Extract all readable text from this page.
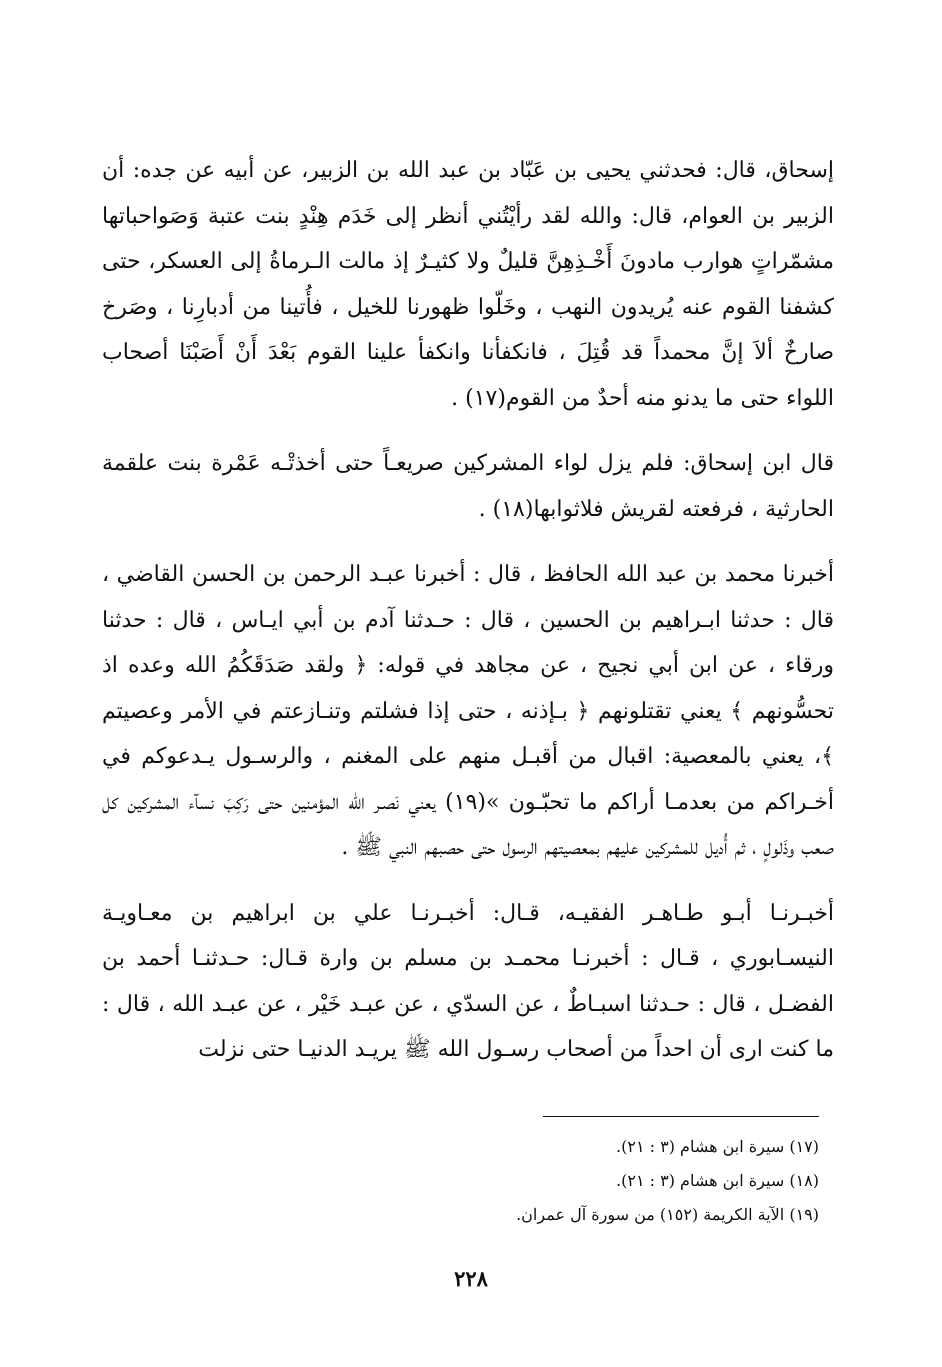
إسحاق، قال: فحدثني يحيى بن عَبّاد بن عبد الله بن الزبير، عن أبيه عن جده: أن الزبير بن العوام، قال: والله لقد رأيْتُني أنظر إلى خَدَم هِنْدٍ بنت عتبة وَصَواحباتها مشمّراتٍ هوارب مادونَ أَخْـذِهِنَّ قليلٌ ولا كثيـرٌ إذ مالت الـرماةُ إلى العسكر، حتى كشفنا القوم عنه يُريدون النهب ، وخَلّوا ظهورنا للخيل ، فأُتينا من أدبارِنا ، وصَرخ صارخٌ ألاَ إنَّ محمداً قد قُتِلَ ، فانكفأنا وانكفأ علينا القوم بَعْدَ أَنْ أَصَبْنَا أصحاب اللواء حتى ما يدنو منه أحدٌ من القوم(١٧) .

قال ابن إسحاق: فلم يزل لواء المشركين صريعـاً حتى أخذتْـه عَمْرة بنت علقمة الحارثية ، فرفعته لقريش فلاثوابها(١٨) .

أخبرنا محمد بن عبد الله الحافظ ، قال : أخبرنا عبـد الرحمن بن الحسن القاضي ، قال : حدثنا ابـراهيم بن الحسين ، قال : حـدثنا آدم بن أبي ايـاس ، قال : حدثنا ورقاء ، عن ابن أبي نجيح ، عن مجاهد في قوله: ﴿ ولقد صَدَقَكُمُ الله وعده اذ تحسُّونهم ﴾ يعني تقتلونهم ﴿ بـإذنه ، حتى إذا فشلتم وتنـازعتم في الأمر وعصيتم ﴾، يعني بالمعصية: اقبال من أقبـل منهم على المغنم ، والرسـول يـدعوكم في أخـراكم من بعدمـا أراكم ما تحبّـون »(١٩) يعني نَصـر الله المؤمنين حتى رَكِبَ نسآء المشركين كل صعب وذَلولٍ ، ثم أُديل للمشركين عليهم بمعصيتهم الرسول حتى حصبهم النبي ﷺ .

أخبـرنـا أبـو طـاهـر الفقيـه، قـال: أخبـرنـا علي بن ابراهيم بن معـاويـة النيسـابوري ، قـال : أخبرنـا محمـد بن مسلم بن وارة قـال: حـدثنـا أحمد بن الفضـل ، قال : حـدثنا اسبـاطٌ ، عن السدّي ، عن عبـد خَيْر ، عن عبـد الله ، قال : ما كنت ارى أن احداً من أصحاب رسـول الله ﷺ يريـد الدنيـا حتى نزلت

(١٧) سيرة ابن هشام (٣ : ٢١).

(١٨) سيرة ابن هشام (٣ : ٢١).

(١٩) الآية الكريمة (١٥٢) من سورة آل عمران.

٢٢٨
